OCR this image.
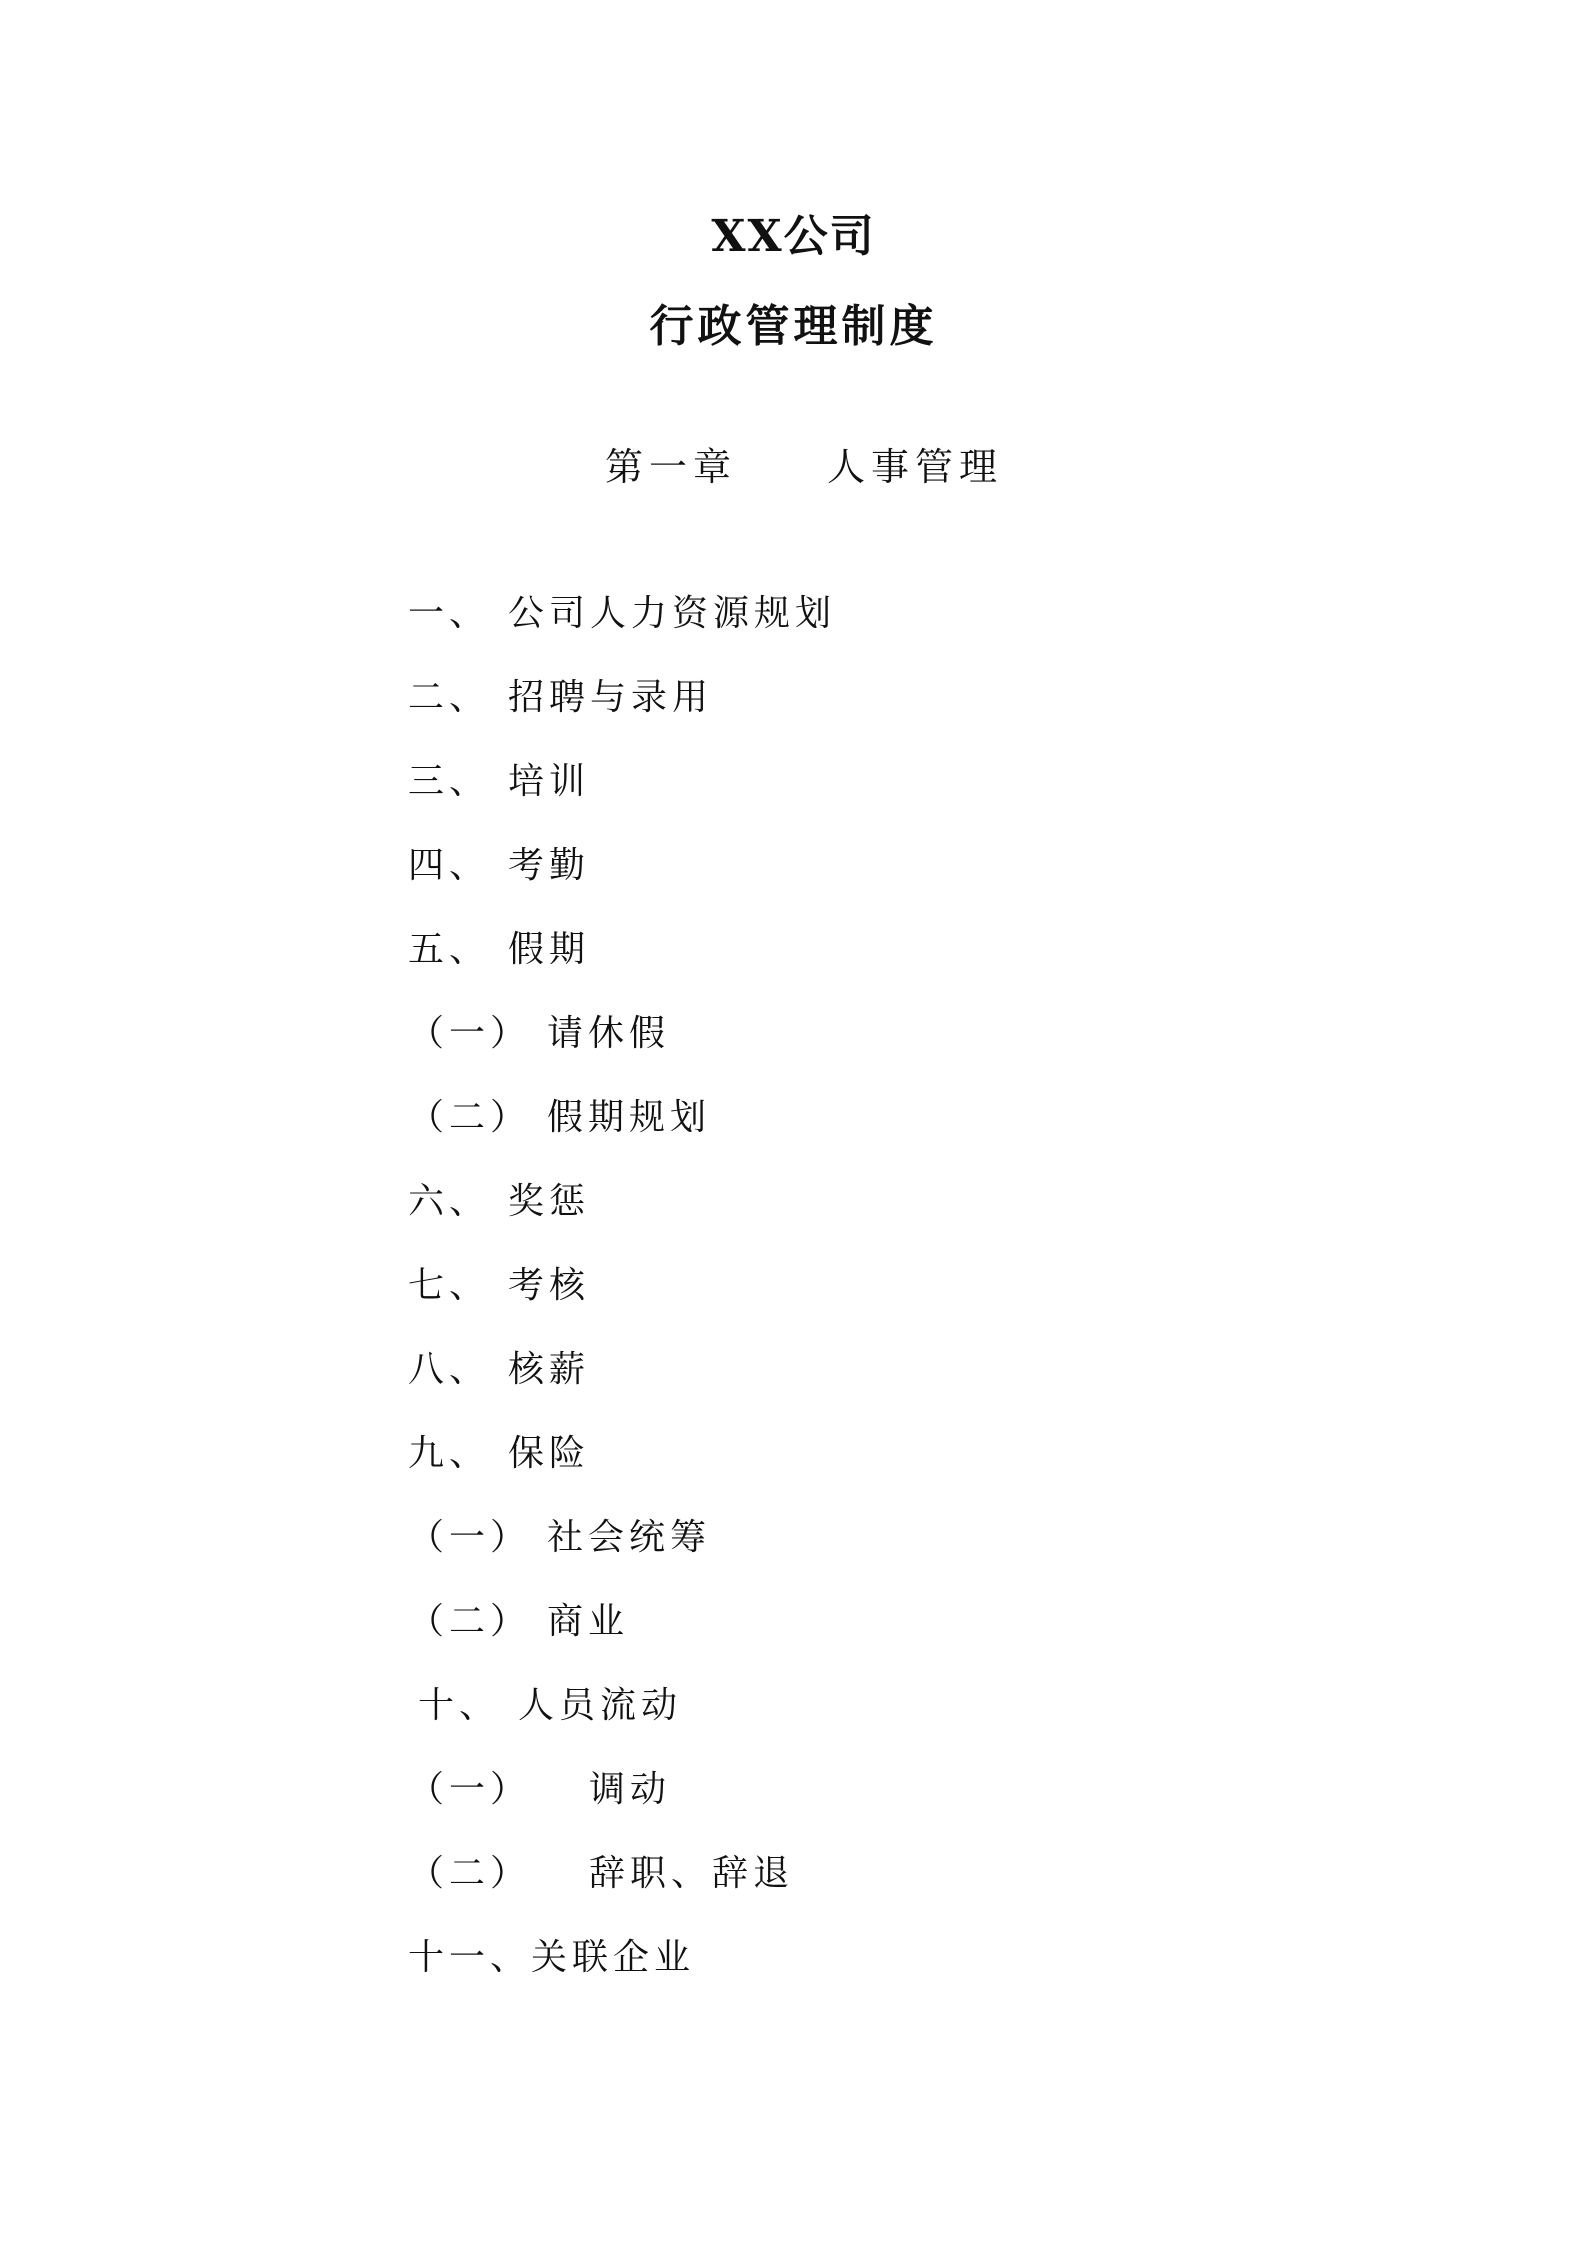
XX公司
行政管理制度
第一章 人事管理
一、 公司人力资源规划
二、 招聘与录用
三、 培训
四、 考勤
五、 假期
（一） 请休假
（二） 假期规划
六、 奖惩
七、 考核
八、 核薪
九、 保险
（一） 社会统筹
（二） 商业
十、 人员流动
（一） 调动
（二） 辞职、辞退
十一、关联企业
